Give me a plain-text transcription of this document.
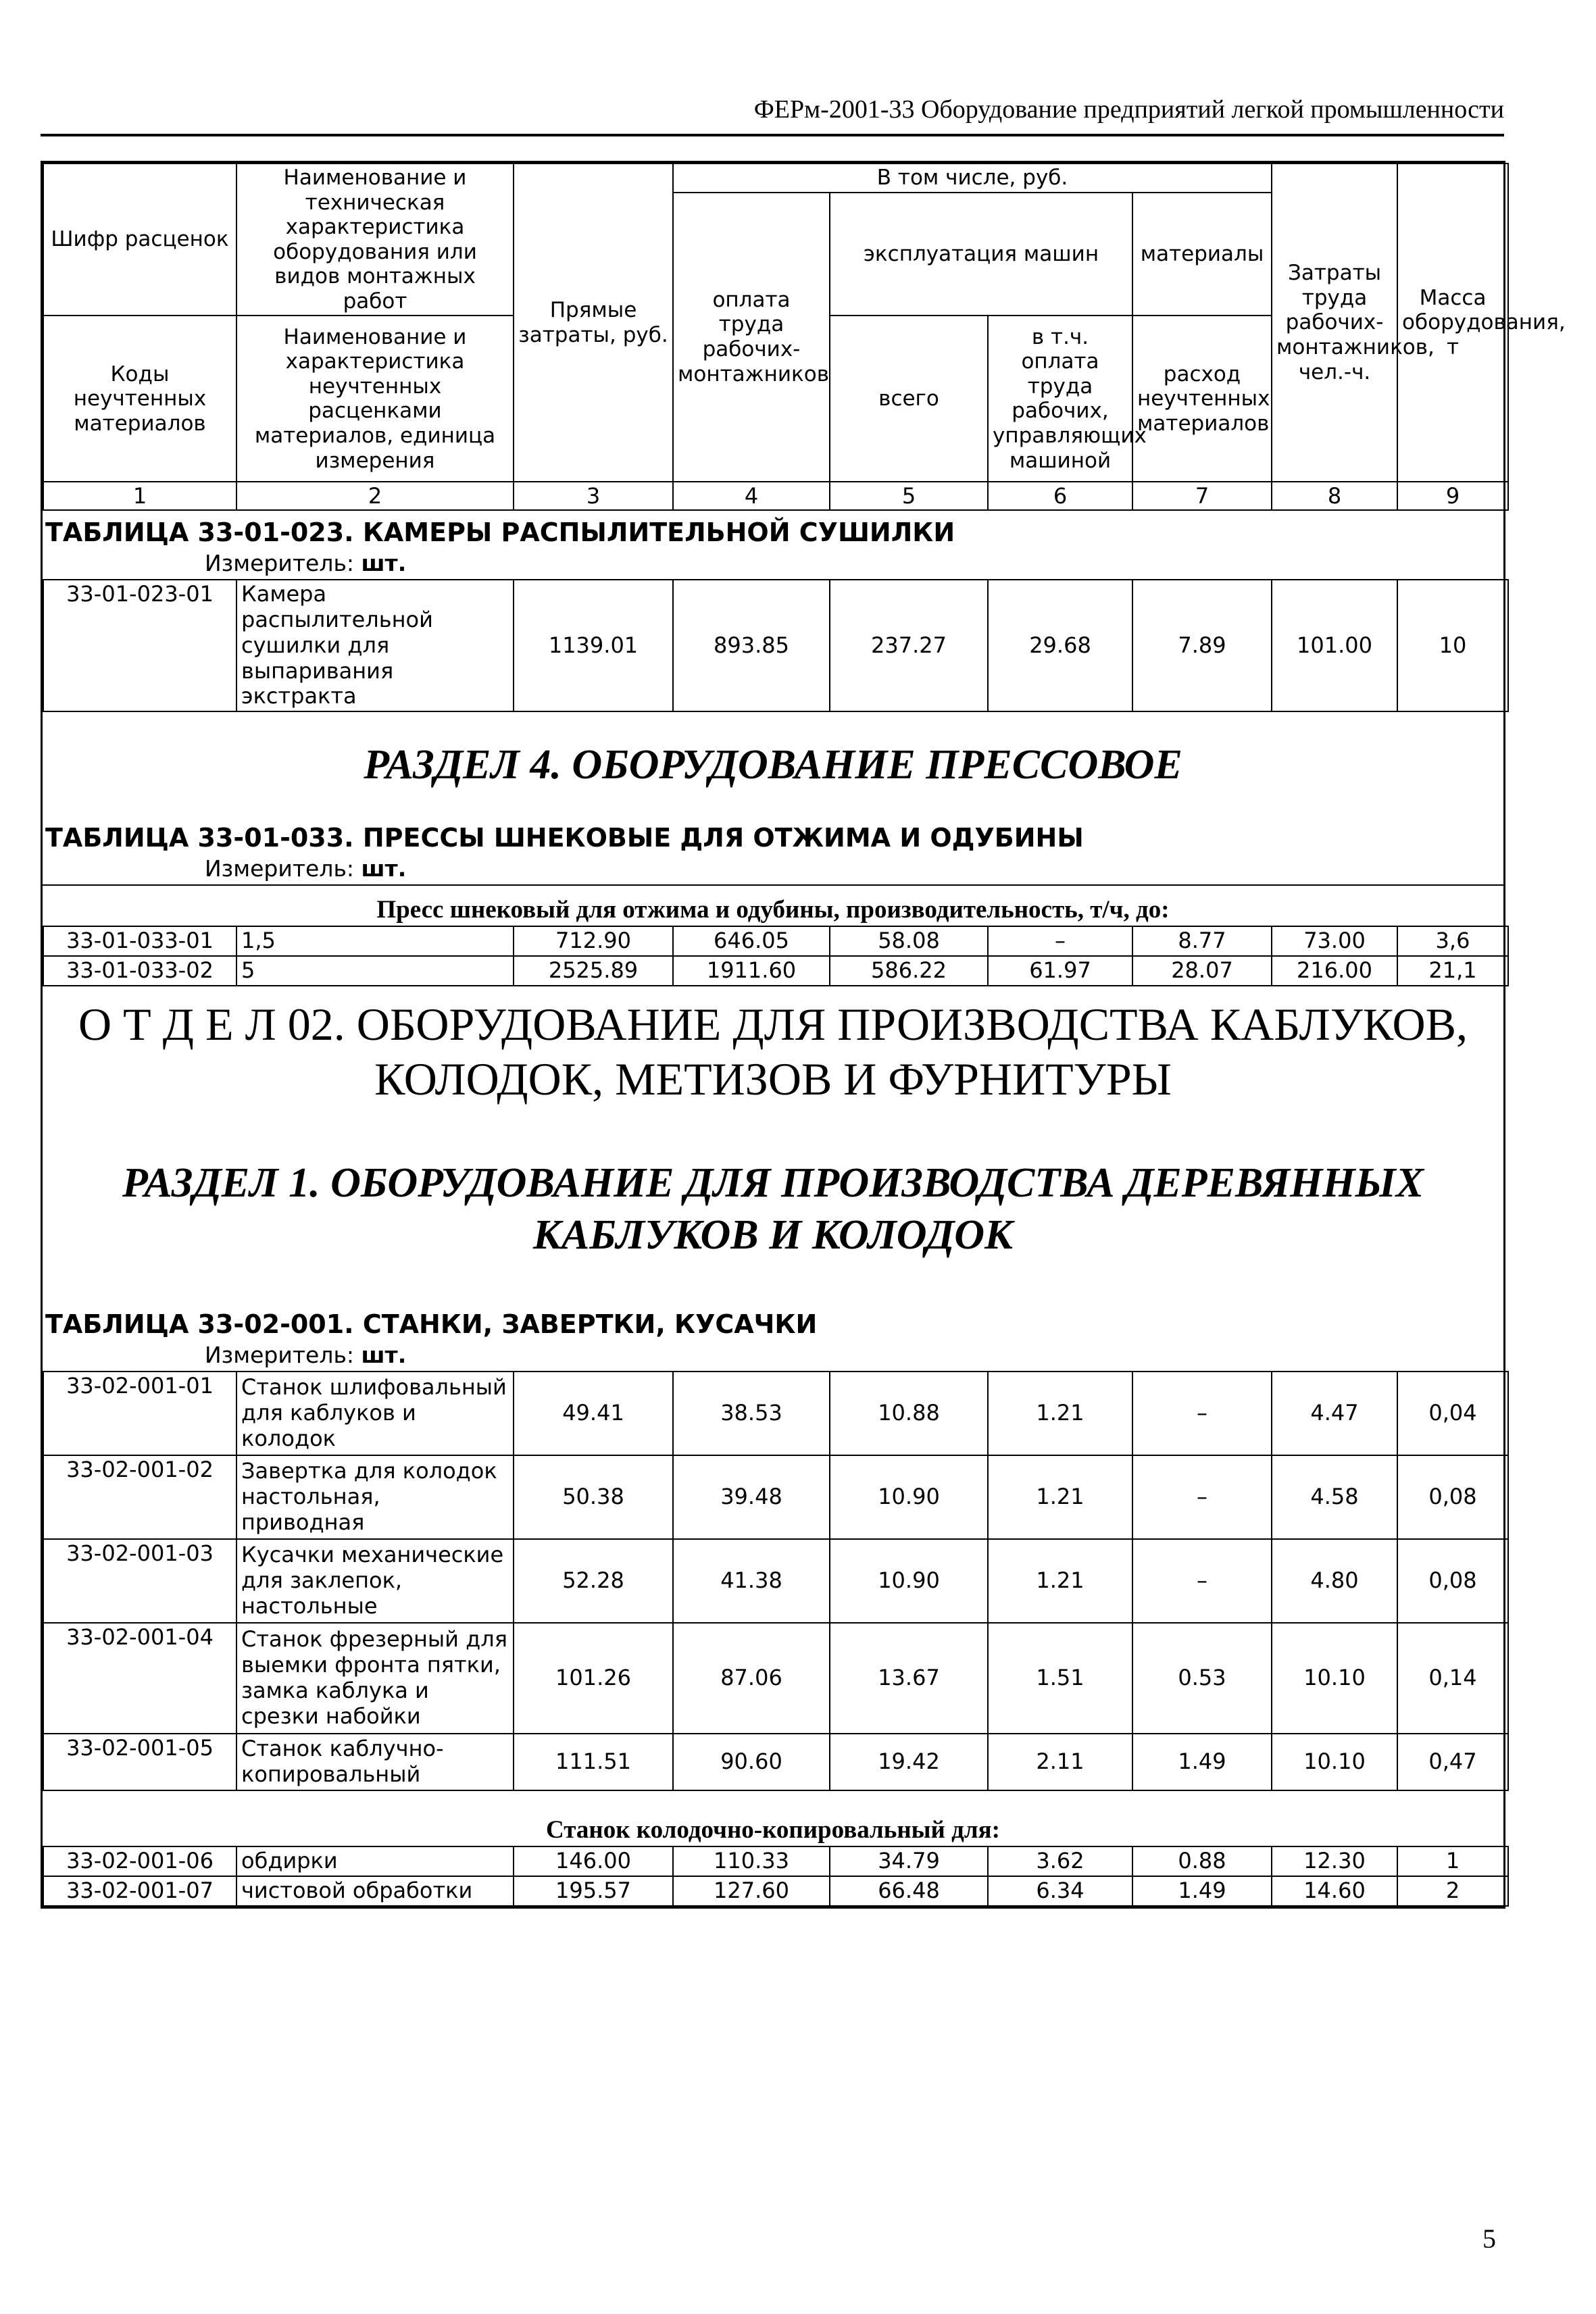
ФЕРм-2001-33 Оборудование предприятий легкой промышленности
Шифр расценок	Наименование и техническая характеристика оборудования или видов монтажных работ	Прямые затраты, руб.	В том числе, руб.				Затраты труда рабочих-монтажников, чел.-ч.	Масса оборудования, т
			оплата труда рабочих-монтажников	эксплуатация машин		материалы		
Коды неучтенных материалов	Наименование и характеристика неучтенных расценками материалов, единица измерения			всего	в т.ч. оплата труда рабочих, управляющих машиной	расход неучтенных материалов		

1	2	3	4	5	6	7	8	9
ТАБЛИЦА 33-01-023. КАМЕРЫ РАСПЫЛИТЕЛЬНОЙ СУШИЛКИ
Измеритель: шт.
33-01-023-01	Камера распылительной сушилки для выпаривания экстракта	1139.01	893.85	237.27	29.68	7.89	101.00	10
РАЗДЕЛ 4. ОБОРУДОВАНИЕ ПРЕССОВОЕ
ТАБЛИЦА 33-01-033. ПРЕССЫ ШНЕКОВЫЕ ДЛЯ ОТЖИМА И ОДУБИНЫ
Измеритель: шт.
Пресс шнековый для отжима и одубины, производительность, т/ч, до:
33-01-033-01	1,5	712.90	646.05	58.08	–	8.77	73.00	3,6
33-01-033-02	5	2525.89	1911.60	586.22	61.97	28.07	216.00	21,1
О Т Д Е Л 02. ОБОРУДОВАНИЕ ДЛЯ ПРОИЗВОДСТВА КАБЛУКОВ,
КОЛОДОК, МЕТИЗОВ И ФУРНИТУРЫ
РАЗДЕЛ 1. ОБОРУДОВАНИЕ ДЛЯ ПРОИЗВОДСТВА ДЕРЕВЯННЫХ
КАБЛУКОВ И КОЛОДОК
ТАБЛИЦА 33-02-001. СТАНКИ, ЗАВЕРТКИ, КУСАЧКИ
Измеритель: шт.
33-02-001-01	Станок шлифовальный для каблуков и колодок	49.41	38.53	10.88	1.21	–	4.47	0,04
33-02-001-02	Завертка для колодок настольная, приводная	50.38	39.48	10.90	1.21	–	4.58	0,08
33-02-001-03	Кусачки механические для заклепок, настольные	52.28	41.38	10.90	1.21	–	4.80	0,08
33-02-001-04	Станок фрезерный для выемки фронта пятки, замка каблука и срезки набойки	101.26	87.06	13.67	1.51	0.53	10.10	0,14
33-02-001-05	Станок каблучно-копировальный	111.51	90.60	19.42	2.11	1.49	10.10	0,47
Станок колодочно-копировальный для:
33-02-001-06	обдирки	146.00	110.33	34.79	3.62	0.88	12.30	1
33-02-001-07	чистовой обработки	195.57	127.60	66.48	6.34	1.49	14.60	2
5
